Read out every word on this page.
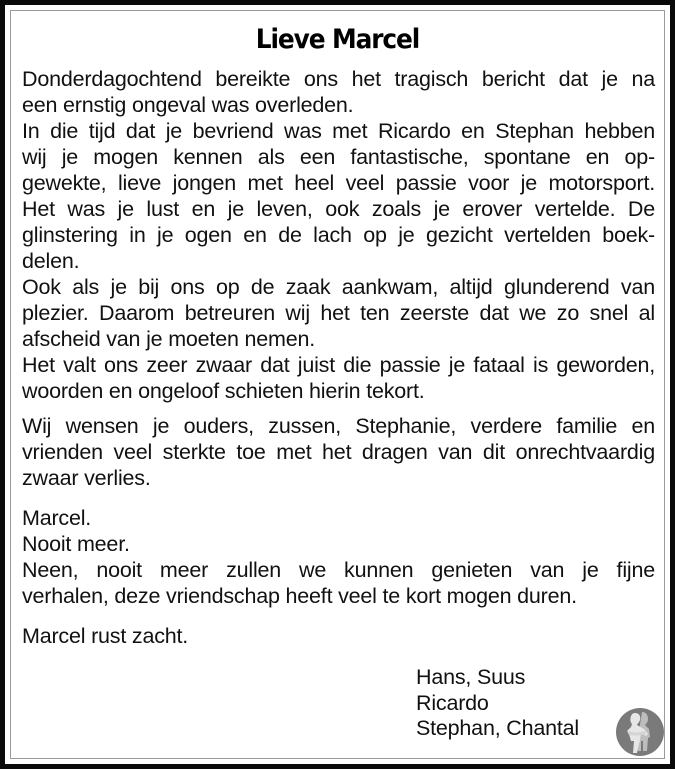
Lieve Marcel
Donderdagochtend bereikte ons het tragisch bericht dat je na
een ernstig ongeval was overleden.
In die tijd dat je bevriend was met Ricardo en Stephan hebben
wij je mogen kennen als een fantastische, spontane en op-
gewekte, lieve jongen met heel veel passie voor je motorsport.
Het was je lust en je leven, ook zoals je erover vertelde. De
glinstering in je ogen en de lach op je gezicht vertelden boek-
delen.
Ook als je bij ons op de zaak aankwam, altijd glunderend van
plezier. Daarom betreuren wij het ten zeerste dat we zo snel al
afscheid van je moeten nemen.
Het valt ons zeer zwaar dat juist die passie je fataal is geworden,
woorden en ongeloof schieten hierin tekort.
Wij wensen je ouders, zussen, Stephanie, verdere familie en
vrienden veel sterkte toe met het dragen van dit onrechtvaardig
zwaar verlies.
Marcel.
Nooit meer.
Neen, nooit meer zullen we kunnen genieten van je fijne
verhalen, deze vriendschap heeft veel te kort mogen duren.
Marcel rust zacht.
Hans, Suus
Ricardo
Stephan, Chantal
